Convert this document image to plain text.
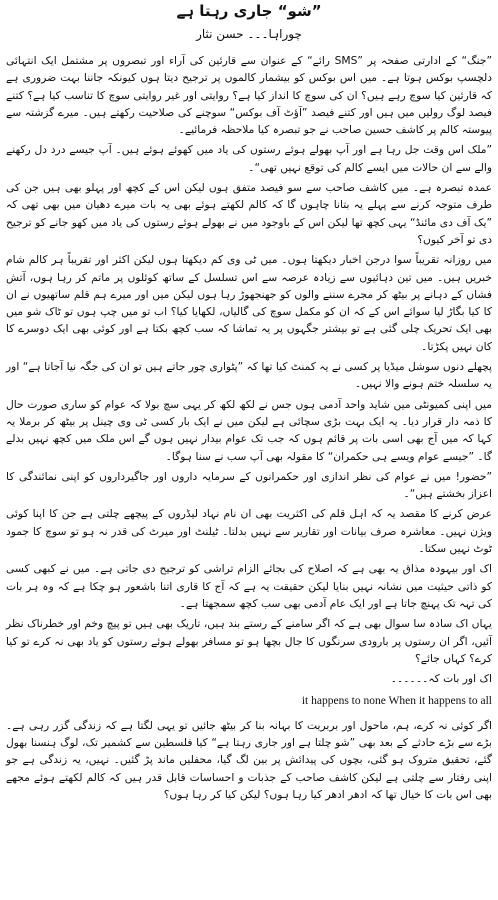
”شو“ جاری رہتا ہے
چوراہا۔۔۔ حسن نثار

”جنگ“ کے ادارتی صفحہ پر ”SMS رائے“ کے عنوان سے قارئین کی آراء اور تبصروں پر مشتمل ایک انتہائی دلچسپ بوکس ہوتا ہے۔ میں اس بوکس کو بیشمار کالموں پر ترجیح دیتا ہوں کیونکہ جاننا بہت ضروری ہے کہ قارئین کیا سوچ رہے ہیں؟ ان کی سوچ کا انداز کیا ہے؟ روایتی اور غیر روایتی سوچ کا تناسب کیا ہے؟ کتنے فیصد لوگ رولیں میں ہیں اور کتنے فیصد ”آؤٹ آف بوکس“ سوچنے کی صلاحیت رکھتے ہیں۔ میرے گزشتہ سے پیوستہ کالم پر کاشف حسین صاحب نے جو تبصرہ کیا ملاحظہ فرمائیے۔

”ملک اس وقت جل رہا ہے اور آپ بھولے ہوئے رستوں کی یاد میں کھوئے ہوئے ہیں۔ آپ جیسے درد دل رکھنے والے سے ان حالات میں ایسے کالم کی توقع نہیں تھی“۔

عمدہ تبصرہ ہے۔ میں کاشف صاحب سے سو فیصد متفق ہوں لیکن اس کے کچھ اور پہلو بھی ہیں جن کی طرف متوجہ کرنے سے پہلے یہ بتانا چاہوں گا کہ کالم لکھتے ہوئے بھی یہ بات میرے دھیان میں بھی تھی کہ ”یک آف دی مائنڈ“ یہی کچھ تھا لیکن اس کے باوجود میں نے بھولے ہوئے رستوں کی یاد میں کھو جانے کو ترجیح دی تو آخر کیوں؟

میں روزانہ تقریباً سوا درجن اخبار دیکھتا ہوں۔ میں ٹی وی کم دیکھتا ہوں لیکن اکثر اور تقریباً ہر کالم شام خبریں ہیں۔ میں تین دہائیوں سے زیادہ عرصہ سے اس تسلسل کے ساتھ کوئلوں پر ماتم کر رہا ہوں، آتش فشاں کے دہانے پر بیٹھ کر مجرے سننے والوں کو جھنجھوڑ رہا ہوں لیکن میں اور میرے ہم قلم ساتھیوں نے ان کا کیا بگاڑ لیا سوائے اس کے کہ ان کو مکمل سوچ کی گالیاں، لکھایا کیا؟ اب تو میں چپ ہوں تو ٹاک شو میں بھی ایک تحریک چلی گئی ہے تو بیشتر جگہوں پر یہ تماشا کہ سب کچھ بکتا ہے اور کوئی بھی ایک دوسرے کا کان نہیں پکڑتا۔

پچھلے دنوں سوشل میڈیا پر کسی نے یہ کمنٹ کیا تھا کہ ”پٹواری چور جاتے ہیں تو ان کی جگہ نیا آجاتا ہے“ اور یہ سلسلہ ختم ہونے والا نہیں۔

میں اپنی کمیونٹی میں شاید واحد آدمی ہوں جس نے لکھ لکھ کر یہی سچ بولا کہ عوام کو ساری صورت حال کا ذمہ دار قرار دیا۔ یہ ایک بہت بڑی سچائی ہے لیکن میں نے ایک بار کسی ٹی وی چینل پر بیٹھ کر برملا یہ کہا کہ میں آج بھی اسی بات پر قائم ہوں کہ جب تک عوام بیدار نہیں ہوں گے اس ملک میں کچھ نہیں بدلے گا۔ ”جیسے عوام ویسے ہی حکمران“ کا مقولہ بھی آپ سب نے سنا ہوگا۔

”حضور! میں نے عوام کی نظر اندازی اور حکمرانوں کے سرمایہ داروں اور جاگیرداروں کو اپنی نمائندگی کا اعزاز بخشتے ہیں“۔

عرض کرنے کا مقصد یہ کہ اہل قلم کی اکثریت بھی ان نام نہاد لیڈروں کے پیچھے چلتی ہے جن کا اپنا کوئی ویژن نہیں۔ معاشرہ صرف بیانات اور تقاریر سے نہیں بدلتا۔ ٹیلنٹ اور میرٹ کی قدر نہ ہو تو سوچ کا جمود ٹوٹ نہیں سکتا۔

اک اور بیہودہ مذاق یہ بھی ہے کہ اصلاح کی بجائے الزام تراشی کو ترجیح دی جاتی ہے۔ میں نے کبھی کسی کو ذاتی حیثیت میں نشانہ نہیں بنایا لیکن حقیقت یہ ہے کہ آج کا قاری اتنا باشعور ہو چکا ہے کہ وہ ہر بات کی تہہ تک پہنچ جاتا ہے اور ایک عام آدمی بھی سب کچھ سمجھتا ہے۔

یہاں اک سادہ سا سوال بھی ہے کہ اگر سامنے کے رستے بند ہیں، تاریک بھی ہیں تو پیچ وخم اور خطرناک نظر آئیں، اگر ان رستوں پر بارودی سرنگوں کا جال بچھا ہو تو مسافر بھولے ہوئے رستوں کو یاد بھی نہ کرے تو کیا کرے؟ کہاں جائے؟

اک اور بات کہ۔۔۔۔۔۔

it happens to none When it happens to all

اگر کوئی نہ کرے، ہم، ماحول اور بربریت کا بہانہ بنا کر بیٹھ جائیں تو یہی لگتا ہے کہ زندگی گزر رہی ہے۔ بڑے سے بڑے حادثے کے بعد بھی ”شو چلتا ہے اور جاری رہتا ہے“ کیا فلسطین سے کشمیر تک، لوگ ہنسنا بھول گئے، تحقیق متروک ہو گئی، بچوں کی پیدائش پر بین لگ گیا، محفلیں ماند پڑ گئیں۔ نہیں، یہ زندگی ہے جو اپنی رفتار سے چلتی ہے لیکن کاشف صاحب کے جذبات و احساسات قابل قدر ہیں کہ کالم لکھتے ہوئے مجھے بھی اس بات کا خیال تھا کہ ادھر ادھر کیا رہا ہوں؟ لیکن کیا کر رہا ہوں؟
